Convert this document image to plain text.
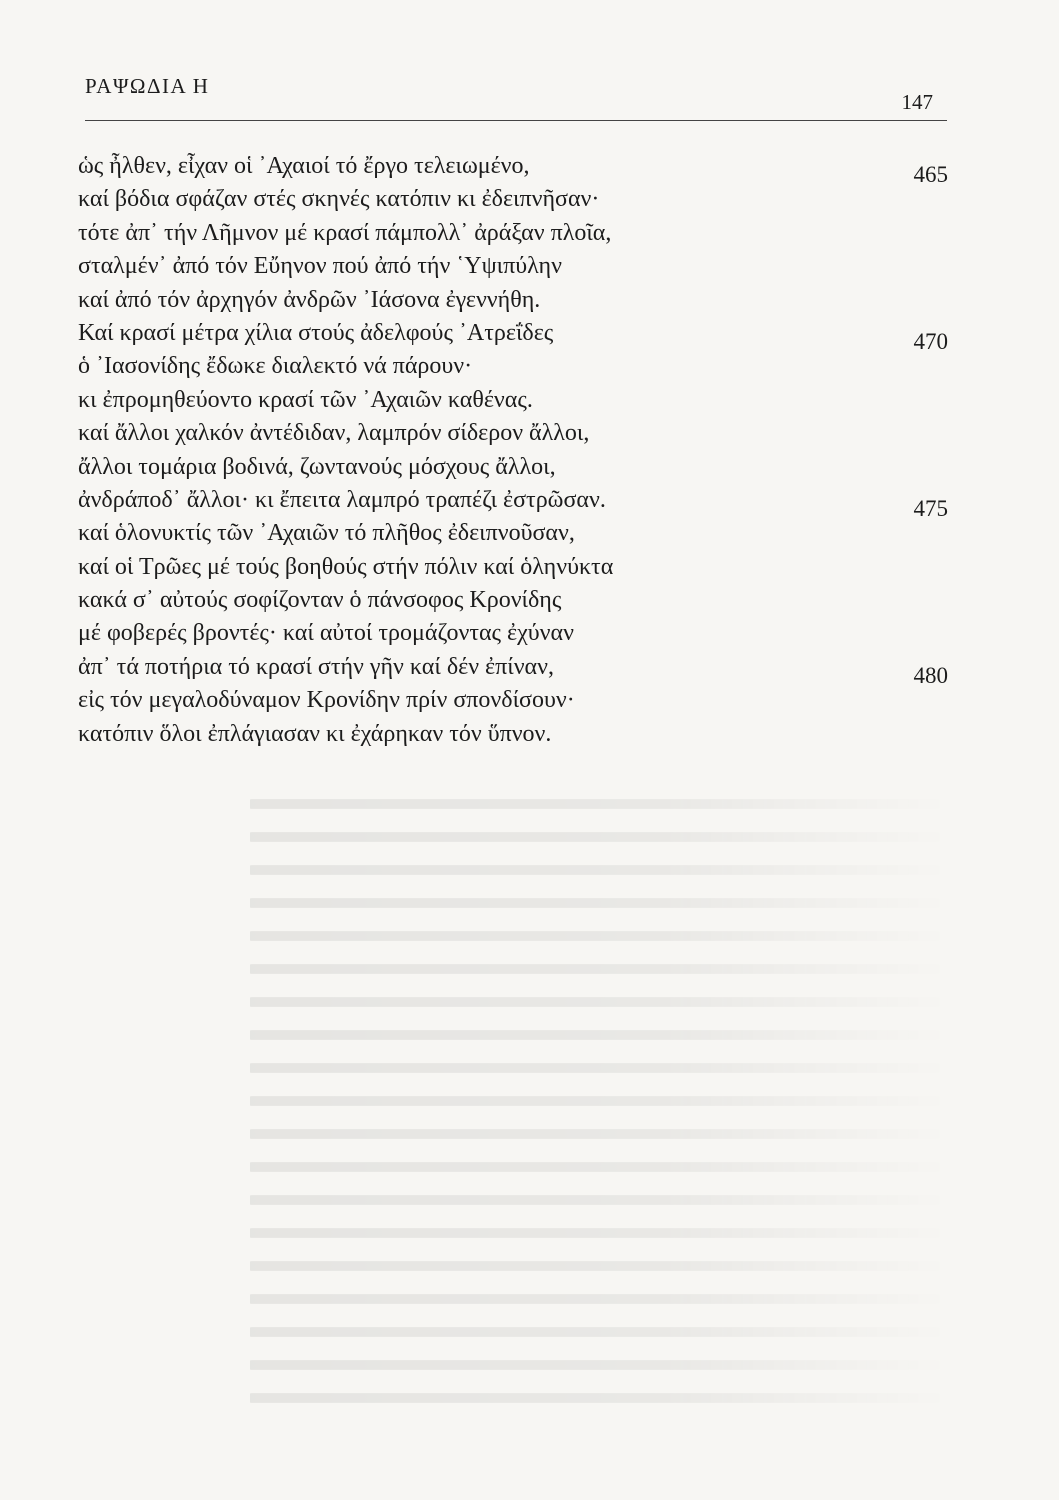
ΡΑΨΩΔΙΑ Η
147
ὡς ἦλθεν, εἶχαν οἱ ᾿Αχαιοί τό ἔργο τελειωμένο,	465
καί βόδια σφάζαν στές σκηνές κατόπιν κι ἐδειπνῆσαν·
τότε ἀπ᾿ τήν Λῆμνον μέ κρασί πάμπολλ᾿ ἀράξαν πλοῖα,
σταλμέν᾿ ἀπό τόν Εὔηνον πού ἀπό τήν ῾Υψιπύλην
καί ἀπό τόν ἀρχηγόν ἀνδρῶν ᾿Ιάσονα ἐγεννήθη.
Καί κρασί μέτρα χίλια στούς ἀδελφούς ᾿Ατρεΐδες	470
ὁ ᾿Ιασονίδης ἔδωκε διαλεκτό νά πάρουν·
κι ἐπρομηθεύοντο κρασί τῶν ᾿Αχαιῶν καθένας.
καί ἄλλοι χαλκόν ἀντέδιδαν, λαμπρόν σίδερον ἄλλοι,
ἄλλοι τομάρια βοδινά, ζωντανούς μόσχους ἄλλοι,
ἀνδράποδ᾿ ἄλλοι· κι ἔπειτα λαμπρό τραπέζι ἐστρῶσαν.	475
καί ὁλονυκτίς τῶν ᾿Αχαιῶν τό πλῆθος ἐδειπνοῦσαν,
καί οἱ Τρῶες μέ τούς βοηθούς στήν πόλιν καί ὁληνύκτα
κακά σ᾿ αὐτούς σοφίζονταν ὁ πάνσοφος Κρονίδης
μέ φοβερές βροντές· καί αὐτοί τρομάζοντας ἐχύναν
ἀπ᾿ τά ποτήρια τό κρασί στήν γῆν καί δέν ἐπίναν,	480
εἰς τόν μεγαλοδύναμον Κρονίδην πρίν σπονδίσουν·
κατόπιν ὅλοι ἐπλάγιασαν κι ἐχάρηκαν τόν ὕπνον.
